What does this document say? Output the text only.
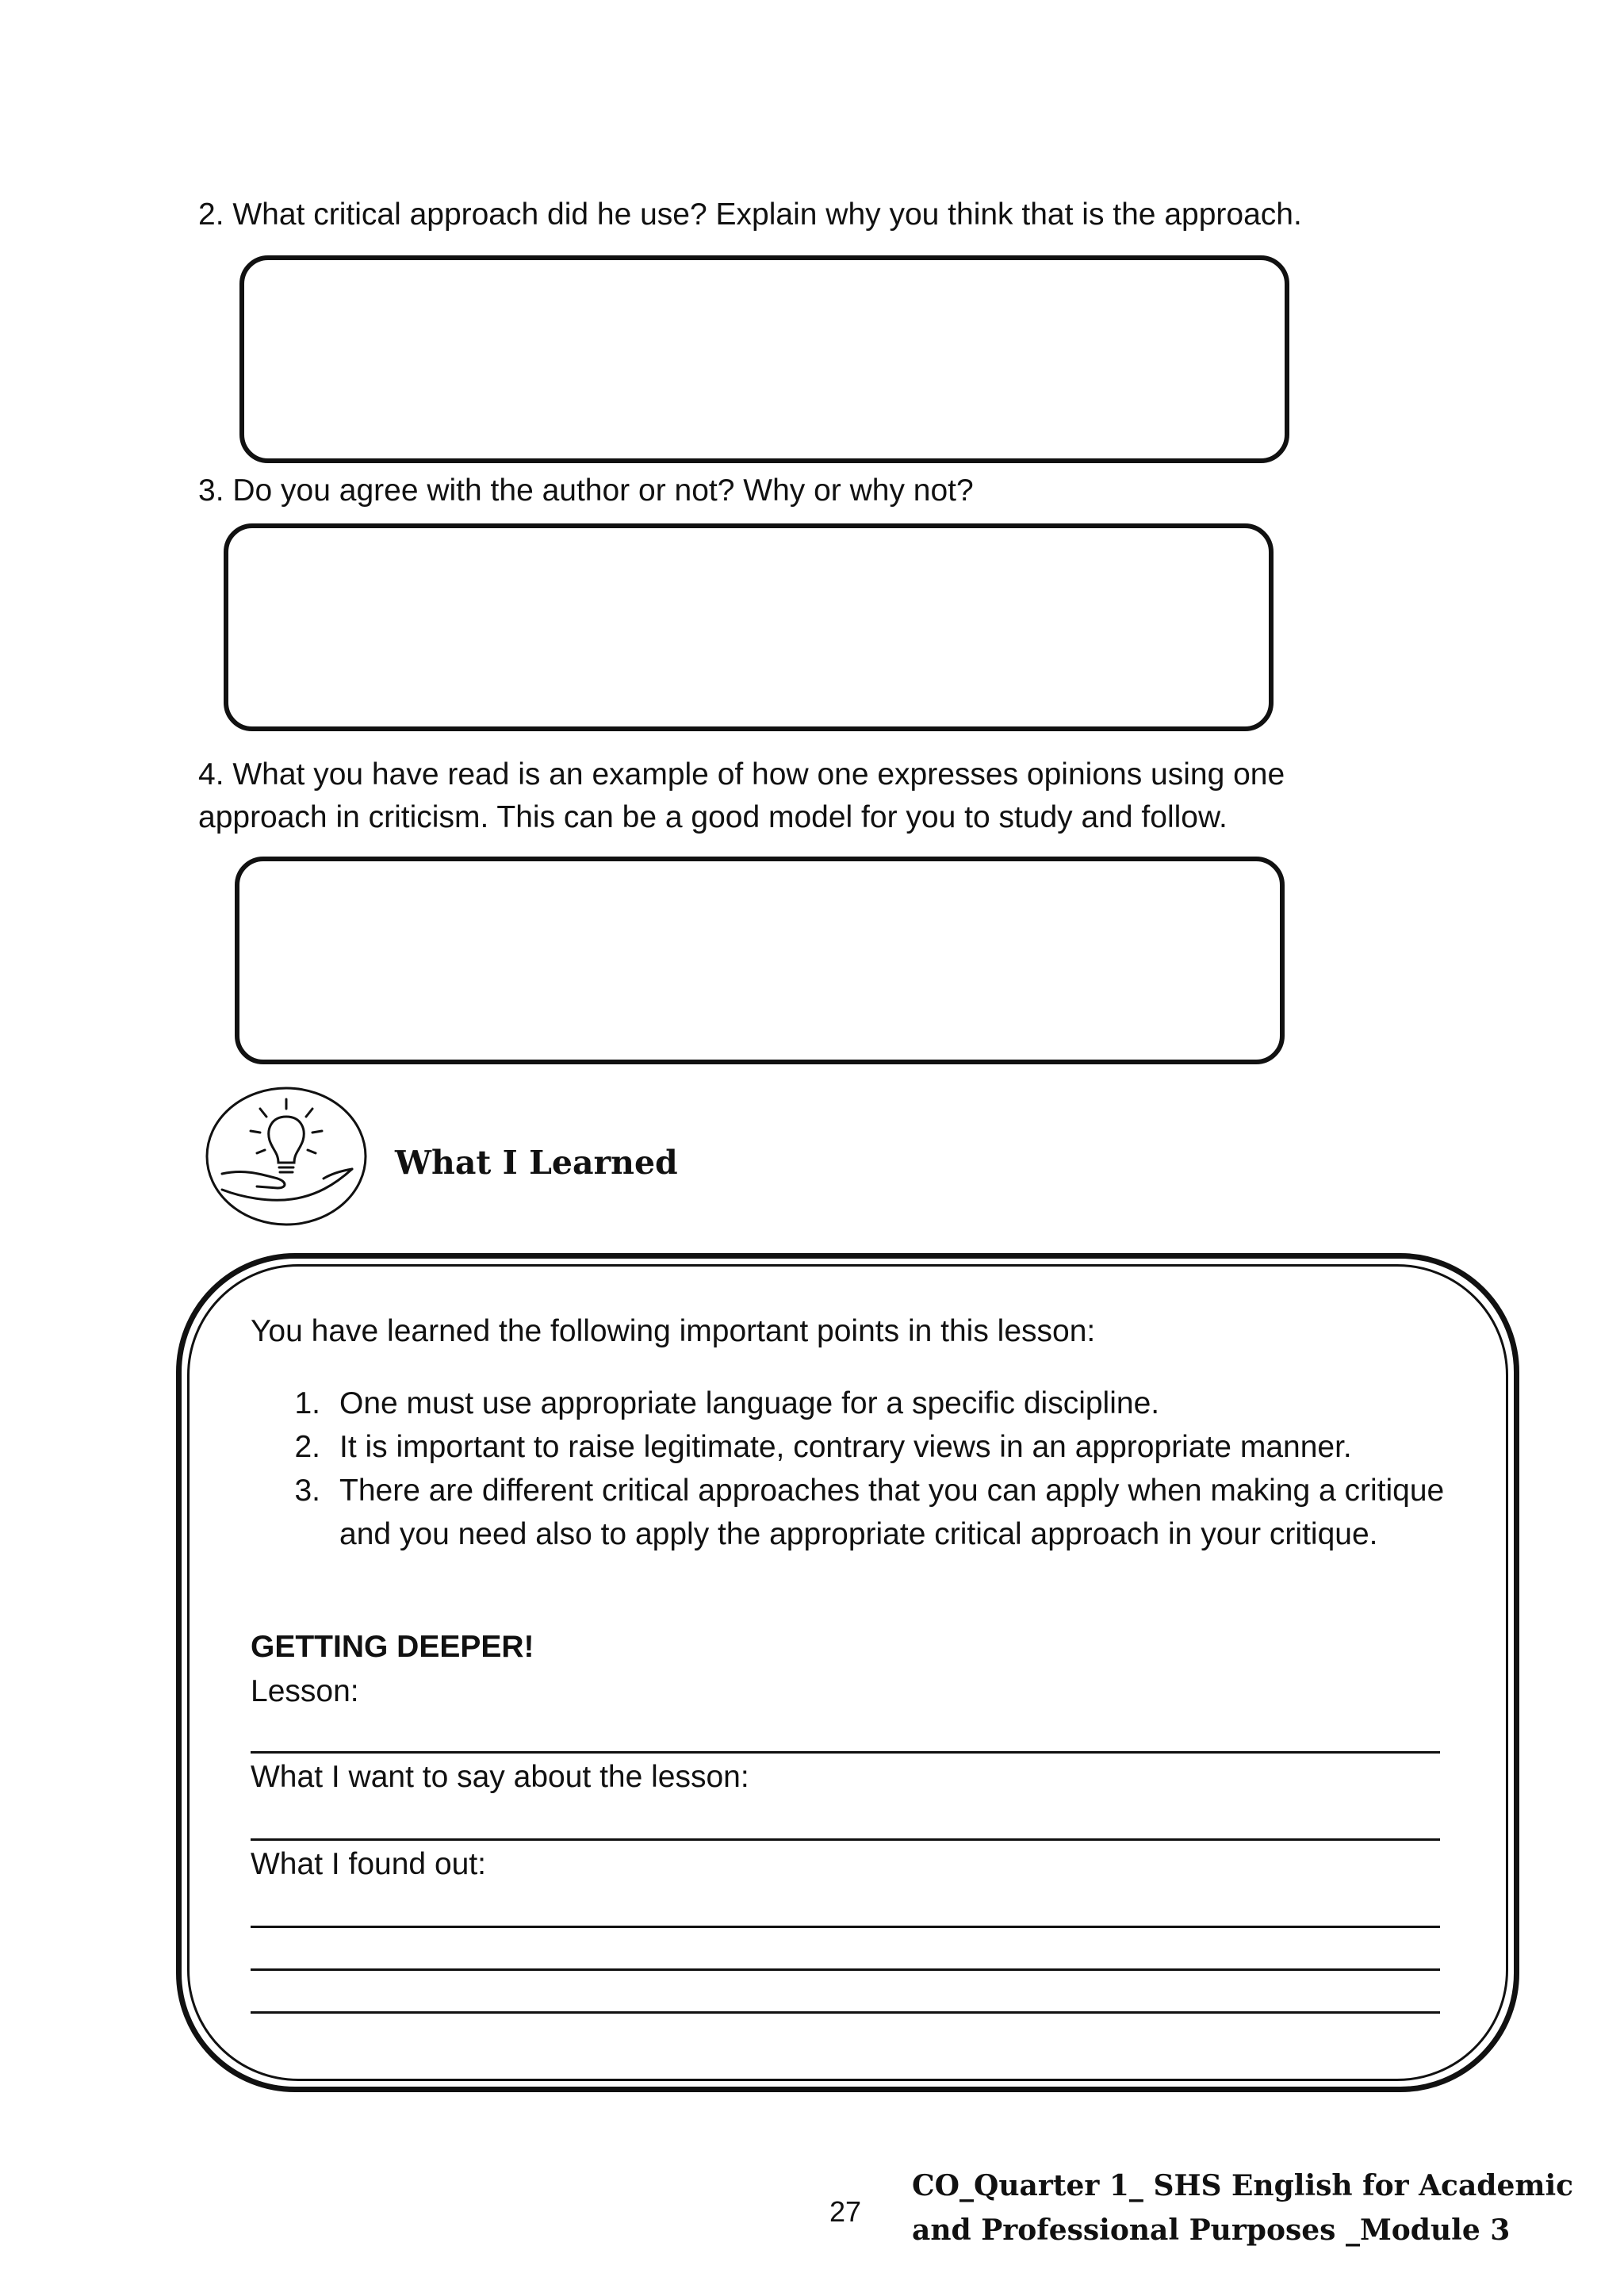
2. What critical approach did he use? Explain why you think that is the approach.

3. Do you agree with the author or not? Why or why not?

4. What you have read is an example of how one expresses opinions using one

approach in criticism. This can be a good model for you to study and follow.

What I Learned

You have learned the following important points in this lesson:

1. One must use appropriate language for a specific discipline.
2. It is important to raise legitimate, contrary views in an appropriate manner.
3. There are different critical approaches that you can apply when making a critique and you need also to apply the appropriate critical approach in your critique.

GETTING DEEPER!

Lesson:

What I want to say about the lesson:

What I found out:

27

CO_Quarter 1_ SHS English for Academic
and Professional Purposes _Module 3
